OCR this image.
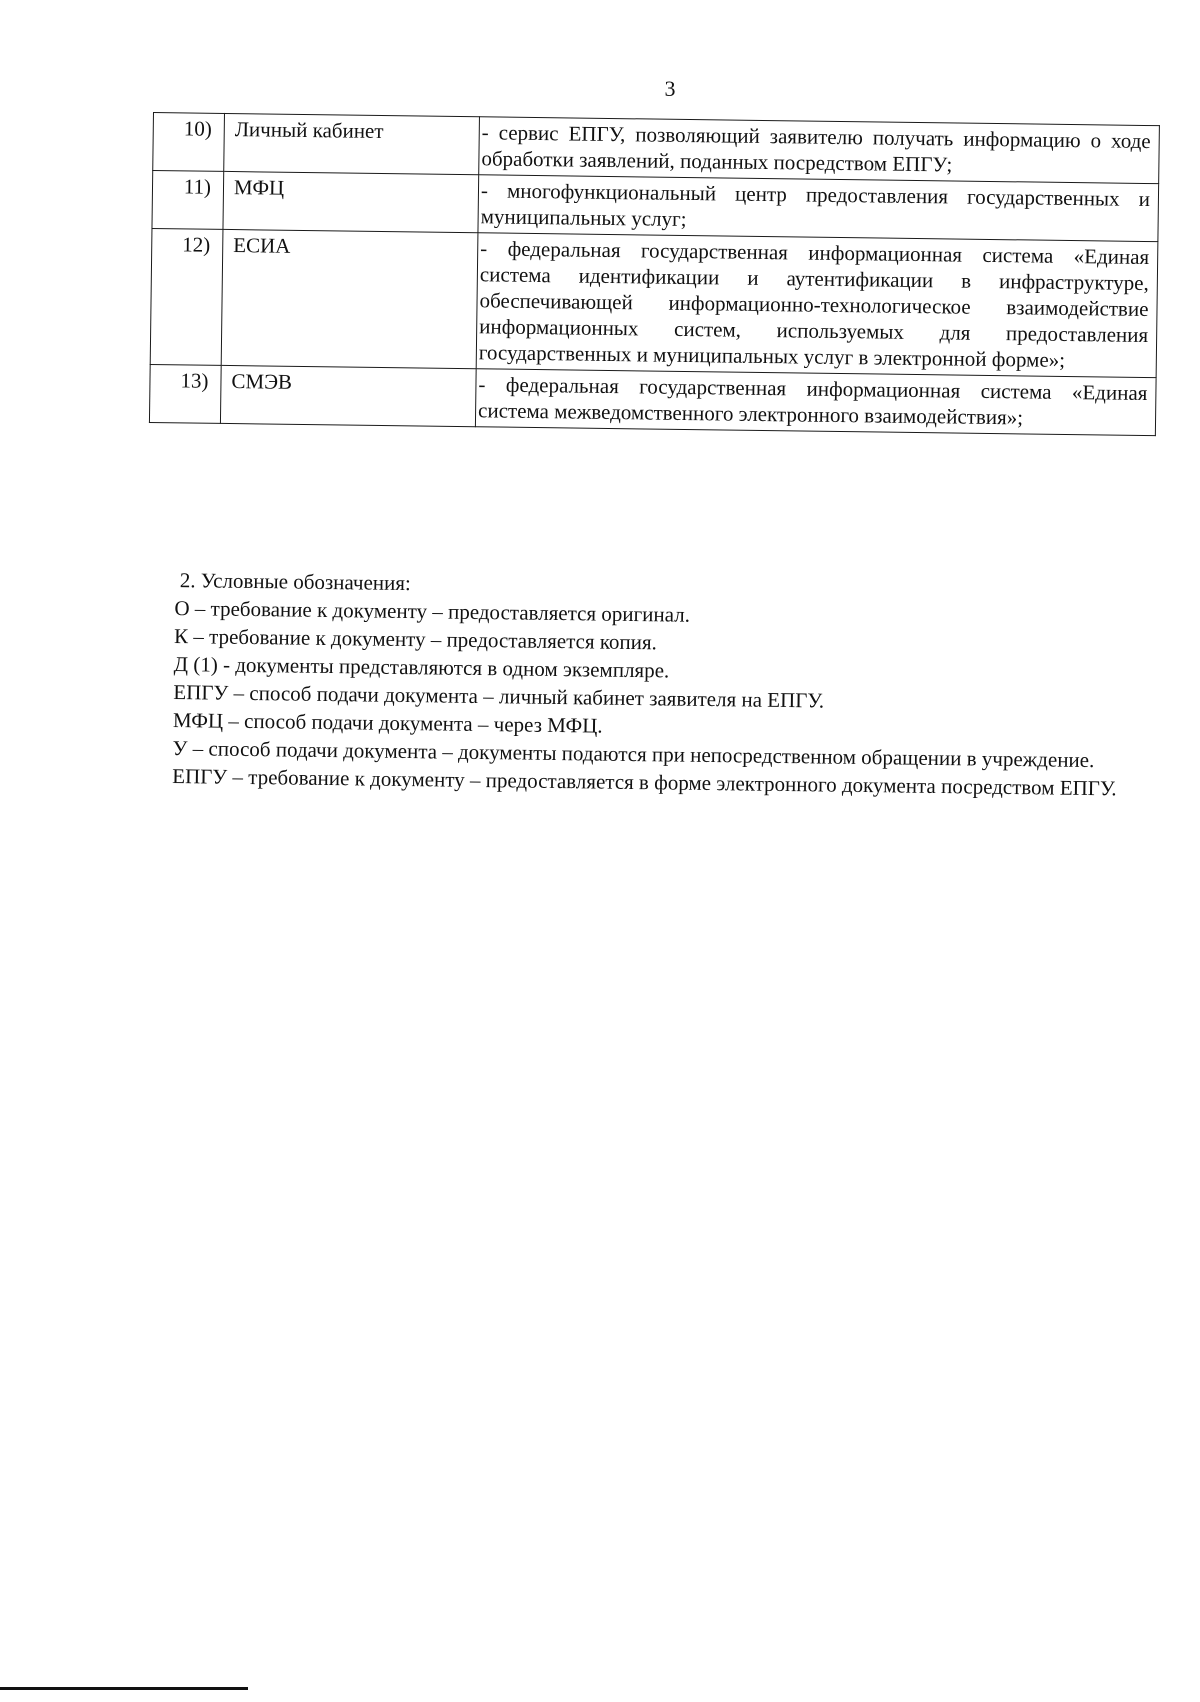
3
10)	Личный кабинет	- сервис ЕПГУ, позволяющий заявителю получать информацию о ходе обработки заявлений, поданных посредством ЕПГУ;
11)	МФЦ	- многофункциональный центр предоставления государственных и муниципальных услуг;
12)	ЕСИА	- федеральная государственная информационная система «Единая система идентификации и аутентификации в инфраструктуре, обеспечивающей информационно-технологическое взаимодействие информационных систем, используемых для предоставления государственных и муниципальных услуг в электронной форме»;
13)	СМЭВ	- федеральная государственная информационная система «Единая система межведомственного электронного взаимодействия»;
2. Условные обозначения:
О – требование к документу – предоставляется оригинал.
К – требование к документу – предоставляется копия.
Д (1) - документы представляются в одном экземпляре.
ЕПГУ – способ подачи документа – личный кабинет заявителя на ЕПГУ.
МФЦ – способ подачи документа – через МФЦ.
У – способ подачи документа – документы подаются при непосредственном обращении в учреждение.
ЕПГУ – требование к документу – предоставляется в форме электронного документа посредством ЕПГУ.
